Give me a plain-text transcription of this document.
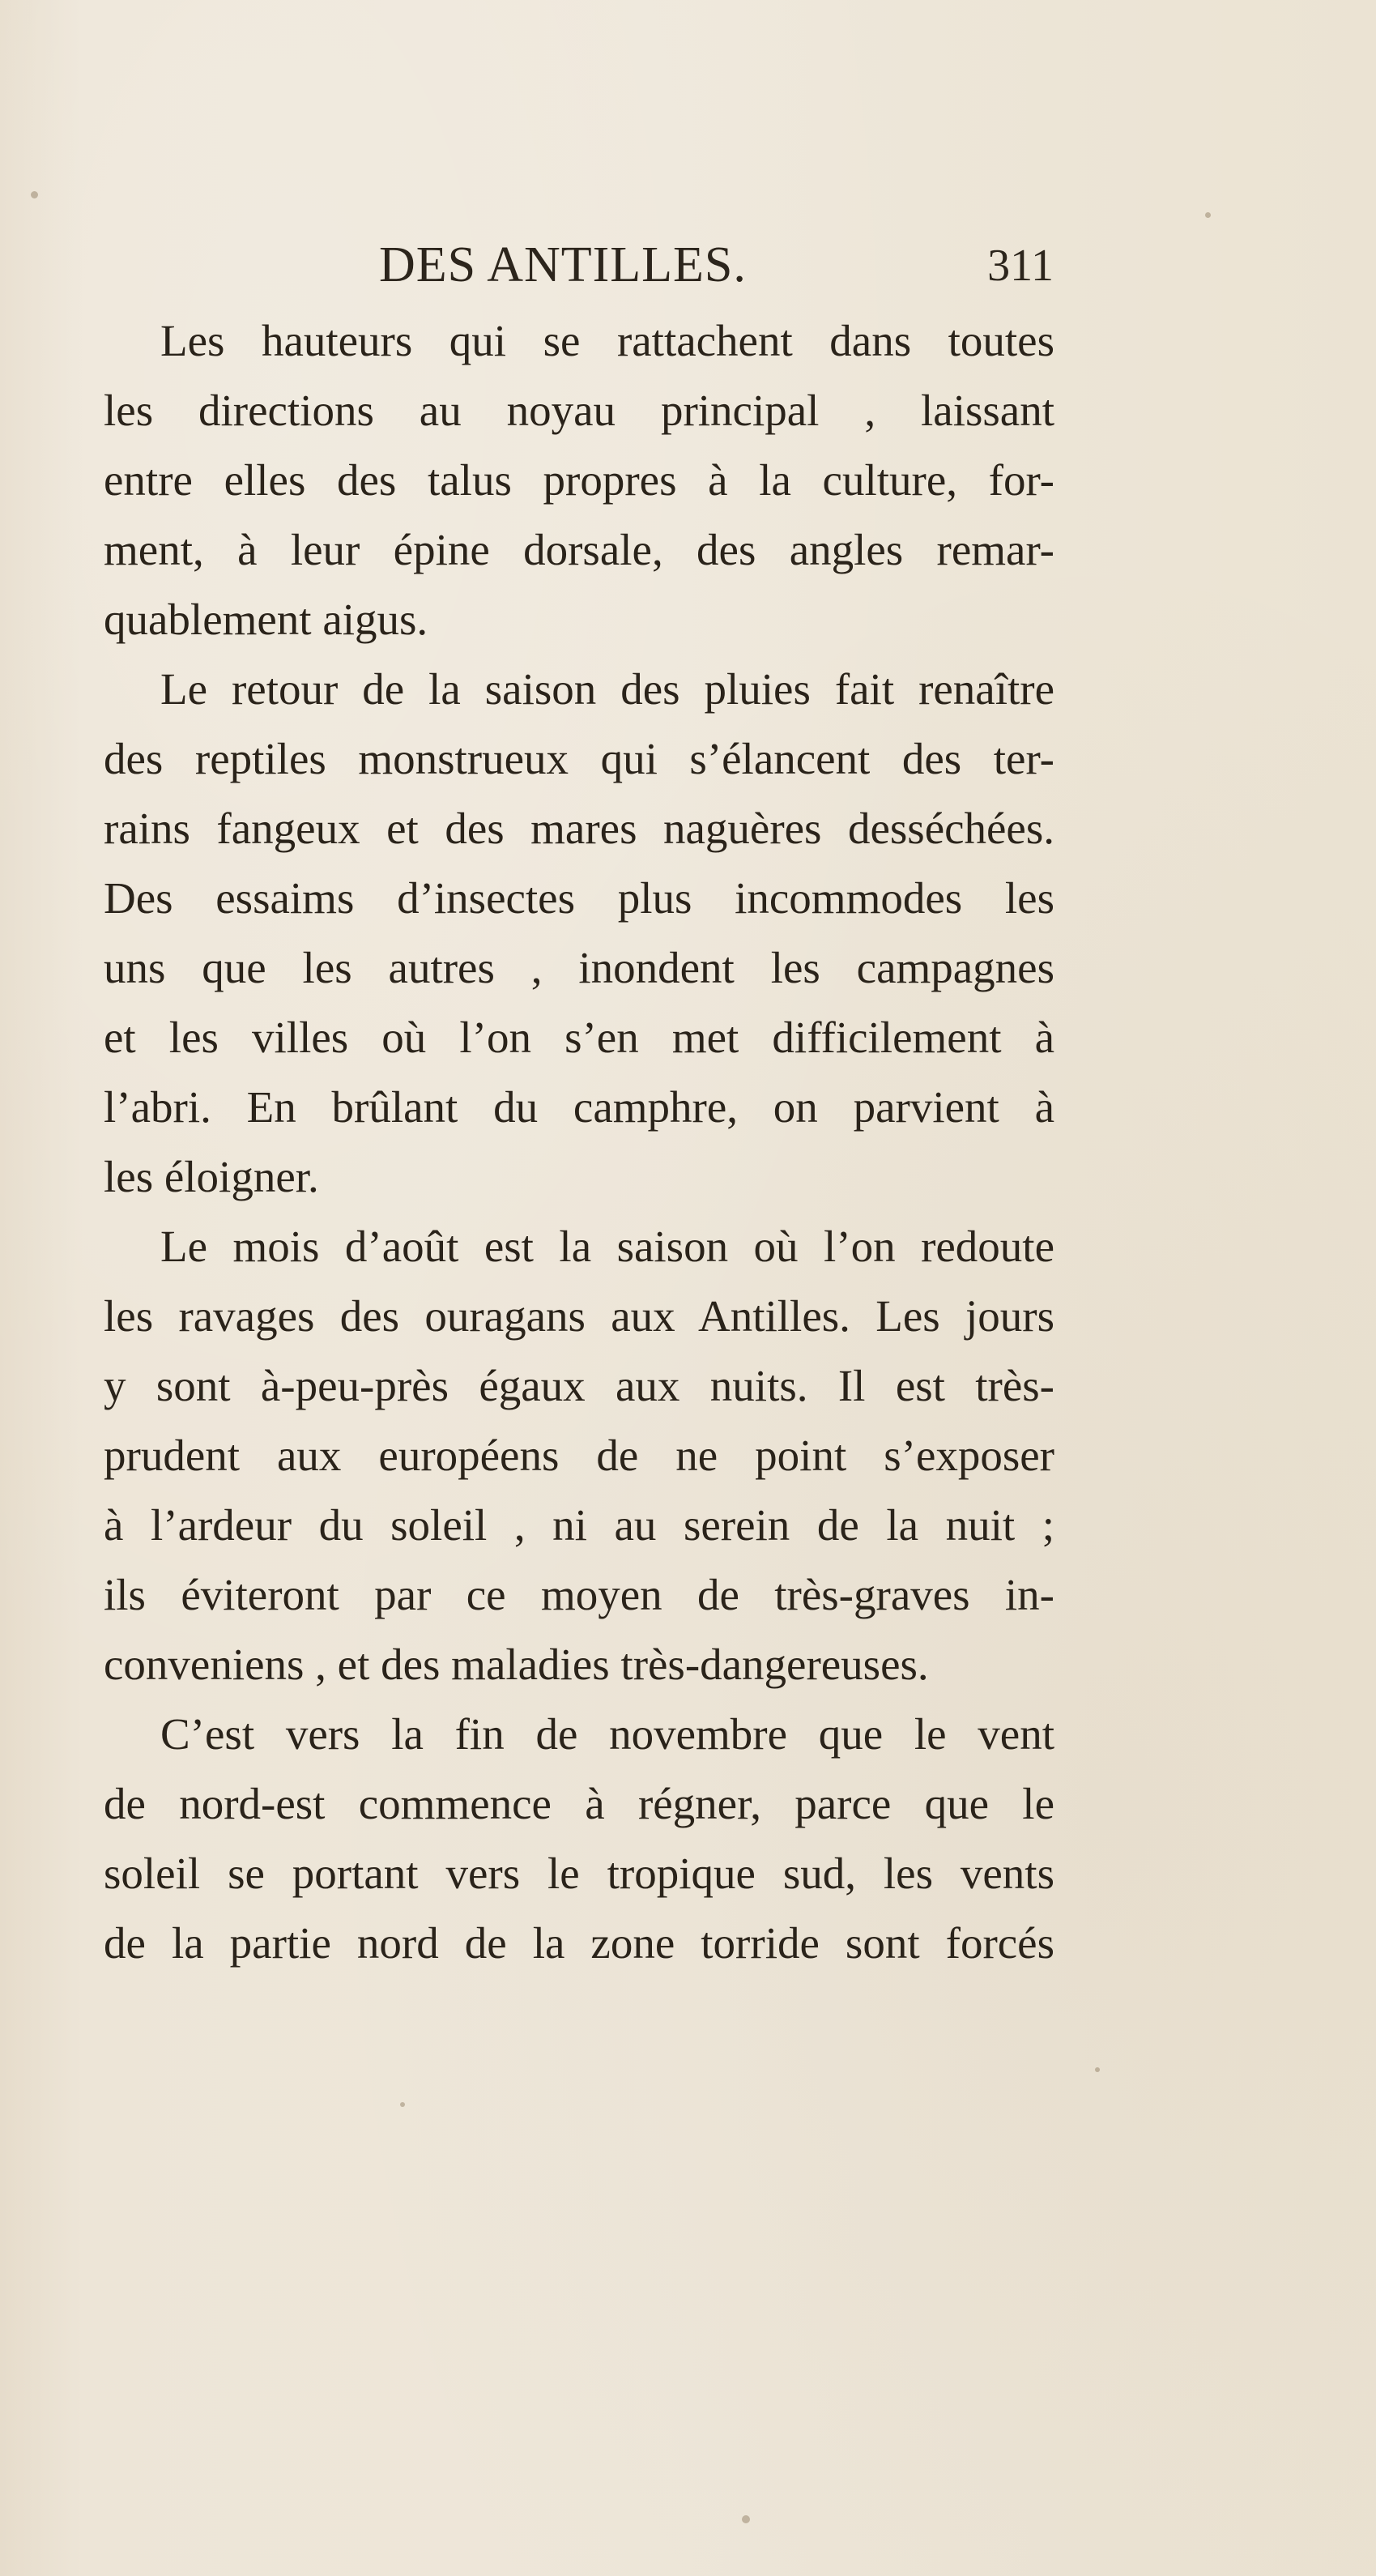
DES ANTILLES.	311

Les hauteurs qui se rattachent dans toutes
les directions au noyau principal , laissant
entre elles des talus propres à la culture, for-
ment, à leur épine dorsale, des angles remar-
quablement aigus.

Le retour de la saison des pluies fait renaître
des reptiles monstrueux qui s’élancent des ter-
rains fangeux et des mares naguères desséchées.
Des essaims d’insectes plus incommodes les
uns que les autres , inondent les campagnes
et les villes où l’on s’en met difficilement à
l’abri. En brûlant du camphre, on parvient à
les éloigner.

Le mois d’août est la saison où l’on redoute
les ravages des ouragans aux Antilles. Les jours
y sont à-peu-près égaux aux nuits. Il est très-
prudent aux européens de ne point s’exposer
à l’ardeur du soleil , ni au serein de la nuit ;
ils éviteront par ce moyen de très-graves in-
conveniens , et des maladies très-dangereuses.

C’est vers la fin de novembre que le vent
de nord-est commence à régner, parce que le
soleil se portant vers le tropique sud, les vents
de la partie nord de la zone torride sont forcés
